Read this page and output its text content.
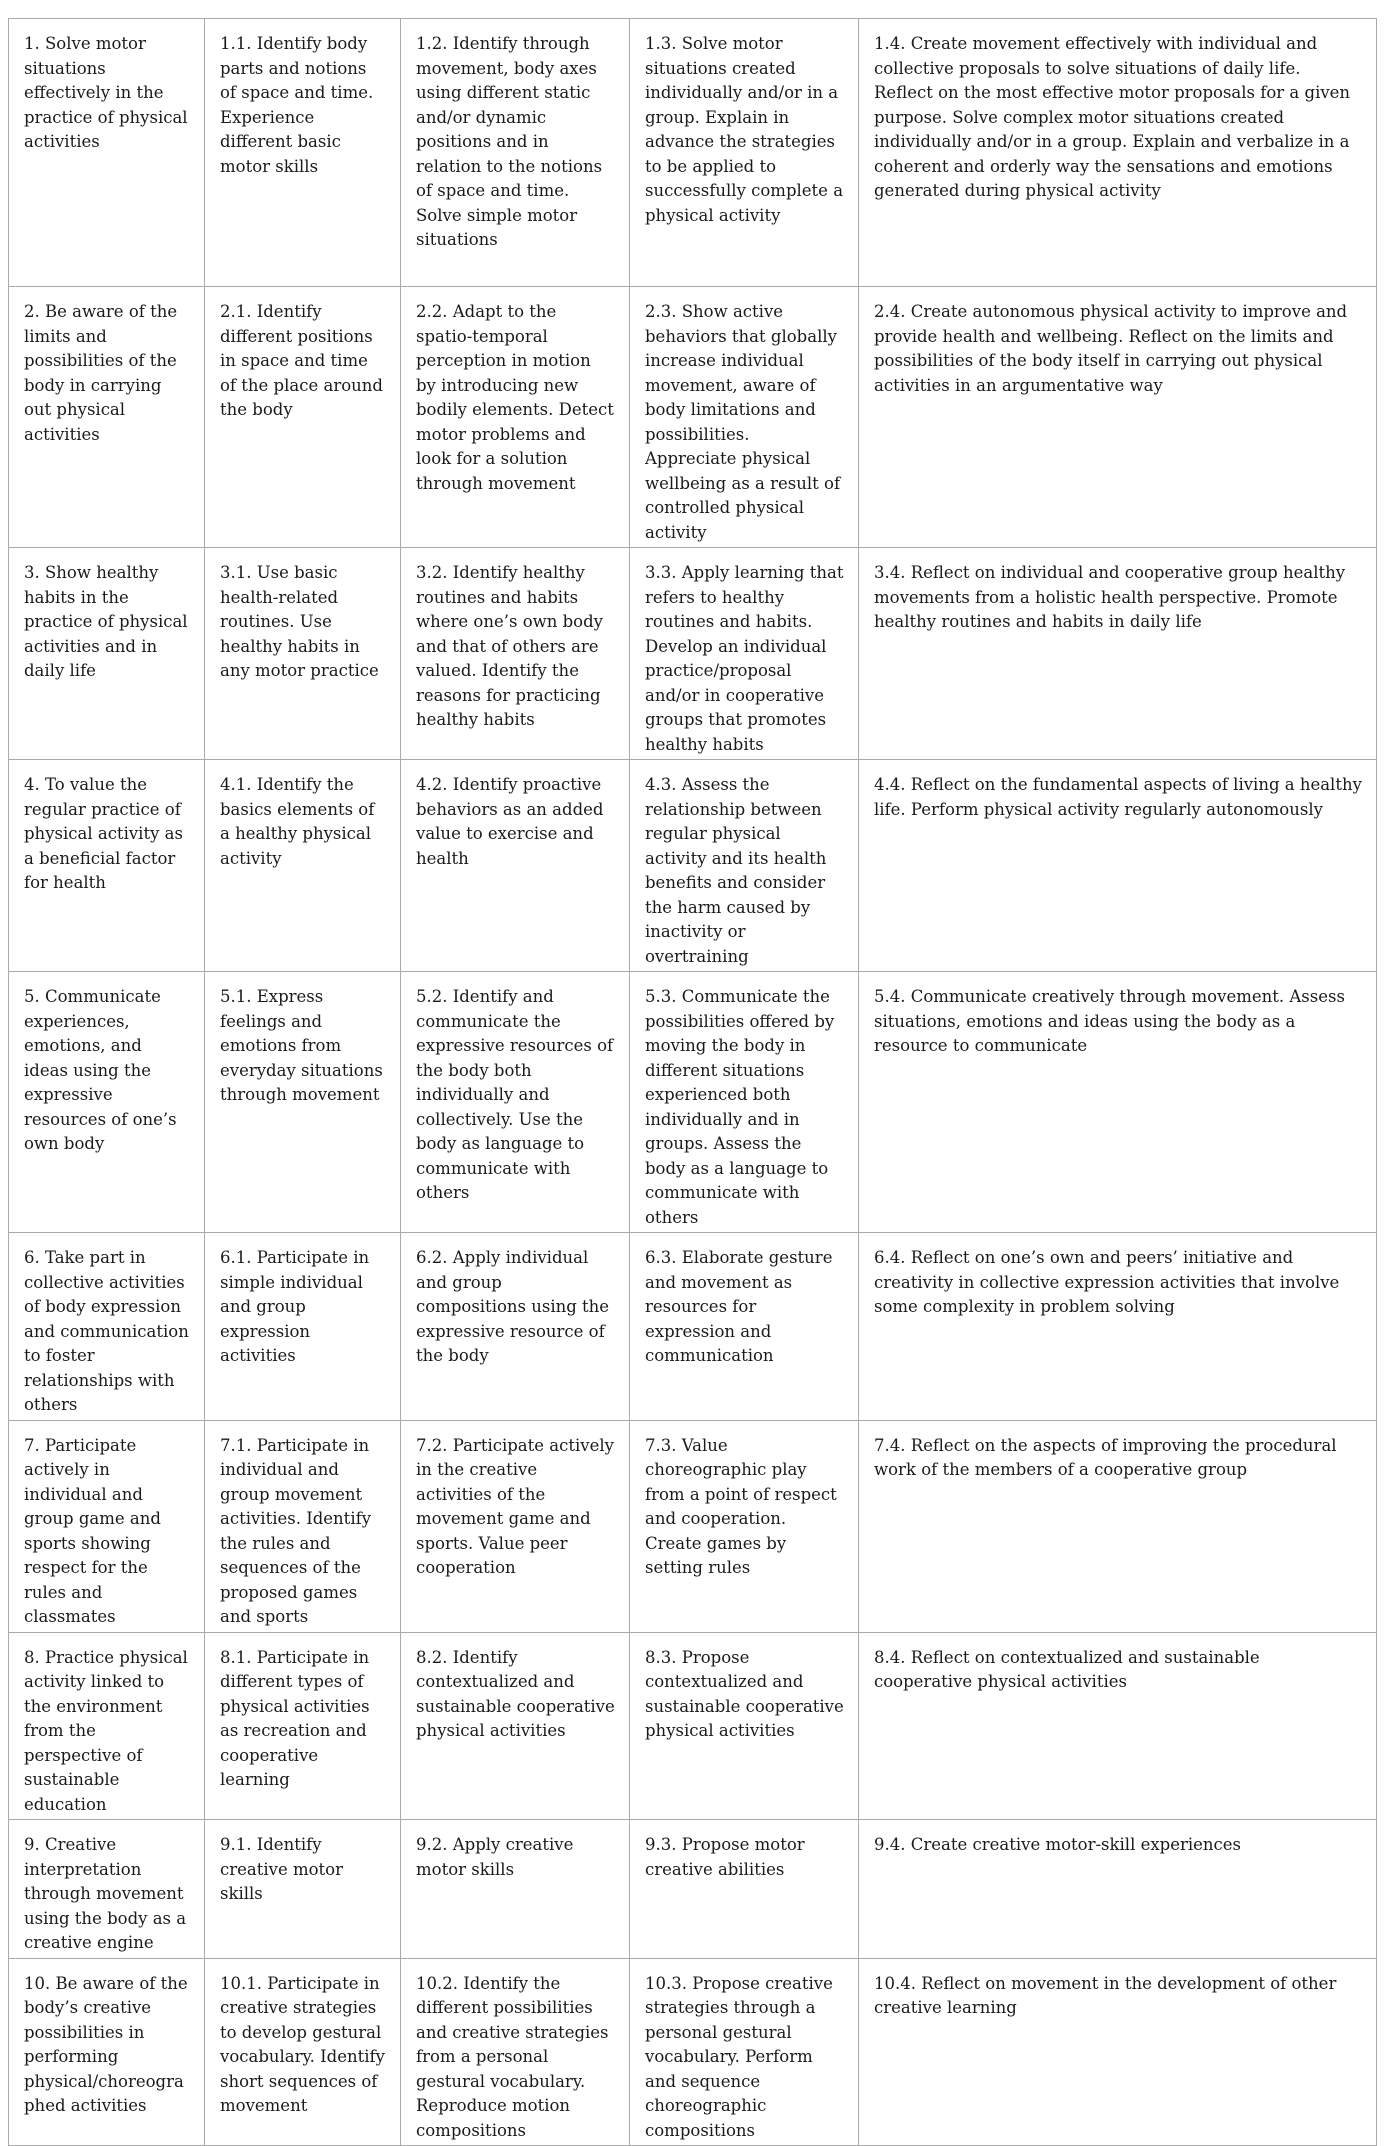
1. Solve motor situations effectively in the practice of physical activities	1.1. Identify body parts and notions of space and time. Experience different basic motor skills	1.2. Identify through movement, body axes using different static and/or dynamic positions and in relation to the notions of space and time. Solve simple motor situations	1.3. Solve motor situations created individually and/or in a group. Explain in advance the strategies to be applied to successfully complete a physical activity	1.4. Create movement effectively with individual and collective proposals to solve situations of daily life. Reflect on the most effective motor proposals for a given purpose. Solve complex motor situations created individually and/or in a group. Explain and verbalize in a coherent and orderly way the sensations and emotions generated during physical activity
2. Be aware of the limits and possibilities of the body in carrying out physical activities	2.1. Identify different positions in space and time of the place around the body	2.2. Adapt to the spatio-temporal perception in motion by introducing new bodily elements. Detect motor problems and look for a solution through movement	2.3. Show active behaviors that globally increase individual movement, aware of body limitations and possibilities. Appreciate physical wellbeing as a result of controlled physical activity	2.4. Create autonomous physical activity to improve and provide health and wellbeing. Reflect on the limits and possibilities of the body itself in carrying out physical activities in an argumentative way
3. Show healthy habits in the practice of physical activities and in daily life	3.1. Use basic health-related routines. Use healthy habits in any motor practice	3.2. Identify healthy routines and habits where one’s own body and that of others are valued. Identify the reasons for practicing healthy habits	3.3. Apply learning that refers to healthy routines and habits. Develop an individual practice/proposal and/or in cooperative groups that promotes healthy habits	3.4. Reflect on individual and cooperative group healthy movements from a holistic health perspective. Promote healthy routines and habits in daily life
4. To value the regular practice of physical activity as a beneficial factor for health	4.1. Identify the basics elements of a healthy physical activity	4.2. Identify proactive behaviors as an added value to exercise and health	4.3. Assess the relationship between regular physical activity and its health benefits and consider the harm caused by inactivity or overtraining	4.4. Reflect on the fundamental aspects of living a healthy life. Perform physical activity regularly autonomously
5. Communicate experiences, emotions, and ideas using the expressive resources of one’s own body	5.1. Express feelings and emotions from everyday situations through movement	5.2. Identify and communicate the expressive resources of the body both individually and collectively. Use the body as language to communicate with others	5.3. Communicate the possibilities offered by moving the body in different situations experienced both individually and in groups. Assess the body as a language to communicate with others	5.4. Communicate creatively through movement. Assess situations, emotions and ideas using the body as a resource to communicate
6. Take part in collective activities of body expression and communication to foster relationships with others	6.1. Participate in simple individual and group expression activities	6.2. Apply individual and group compositions using the expressive resource of the body	6.3. Elaborate gesture and movement as resources for expression and communication	6.4. Reflect on one’s own and peers’ initiative and creativity in collective expression activities that involve some complexity in problem solving
7. Participate actively in individual and group game and sports showing respect for the rules and classmates	7.1. Participate in individual and group movement activities. Identify the rules and sequences of the proposed games and sports	7.2. Participate actively in the creative activities of the movement game and sports. Value peer cooperation	7.3. Value choreographic play from a point of respect and cooperation. Create games by setting rules	7.4. Reflect on the aspects of improving the procedural work of the members of a cooperative group
8. Practice physical activity linked to the environment from the perspective of sustainable education	8.1. Participate in different types of physical activities as recreation and cooperative learning	8.2. Identify contextualized and sustainable cooperative physical activities	8.3. Propose contextualized and sustainable cooperative physical activities	8.4. Reflect on contextualized and sustainable cooperative physical activities
9. Creative interpretation through movement using the body as a creative engine	9.1. Identify creative motor skills	9.2. Apply creative motor skills	9.3. Propose motor creative abilities	9.4. Create creative motor-skill experiences
10. Be aware of the body’s creative possibilities in performing physical/choreographed activities	10.1. Participate in creative strategies to develop gestural vocabulary. Identify short sequences of movement	10.2. Identify the different possibilities and creative strategies from a personal gestural vocabulary. Reproduce motion compositions	10.3. Propose creative strategies through a personal gestural vocabulary. Perform and sequence choreographic compositions	10.4. Reflect on movement in the development of other creative learning
